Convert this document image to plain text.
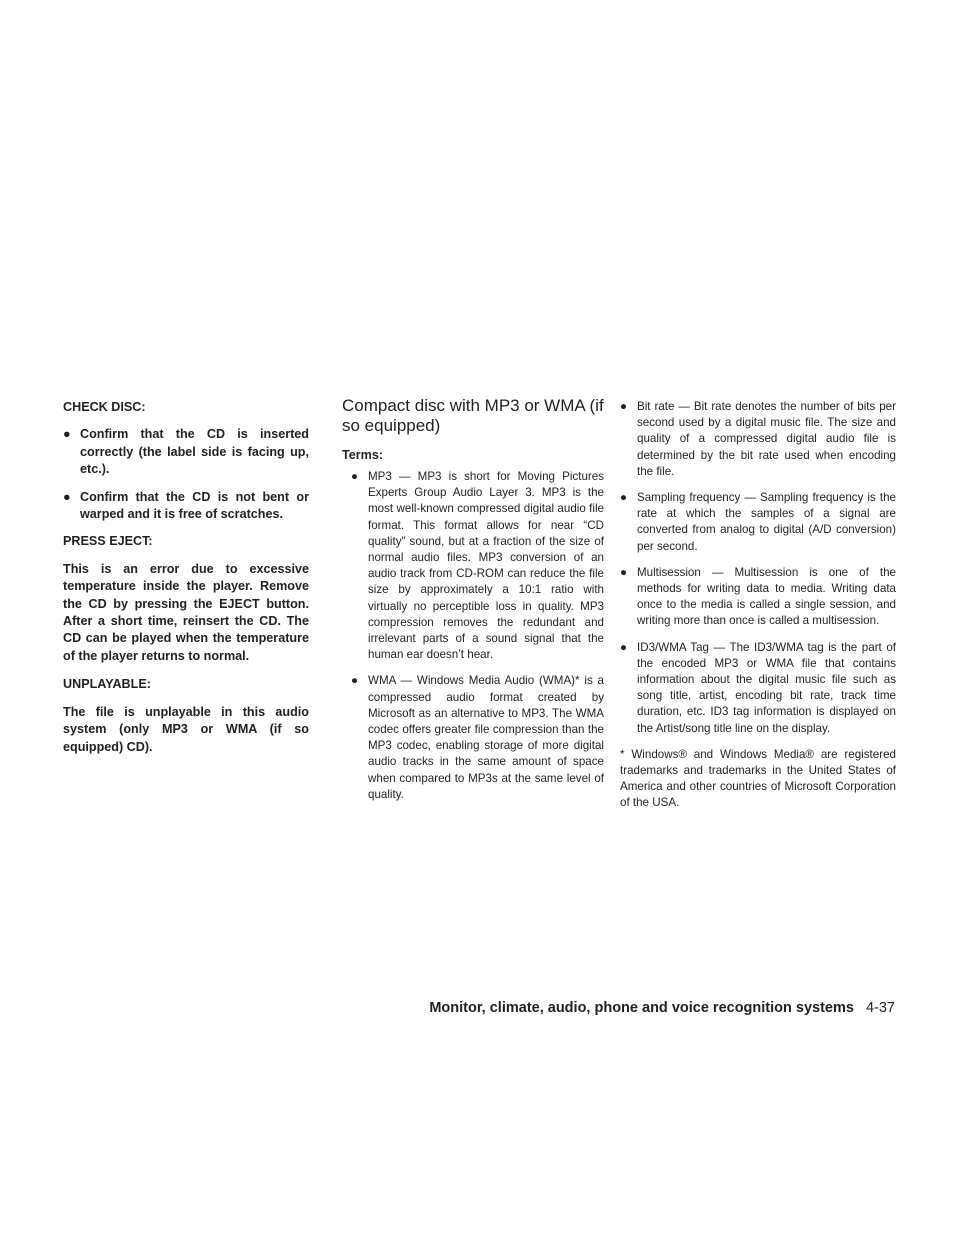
CHECK DISC:
● Confirm that the CD is inserted correctly (the label side is facing up, etc.).
● Confirm that the CD is not bent or warped and it is free of scratches.
PRESS EJECT:
This is an error due to excessive temperature inside the player. Remove the CD by pressing the EJECT button. After a short time, reinsert the CD. The CD can be played when the temperature of the player returns to normal.
UNPLAYABLE:
The file is unplayable in this audio system (only MP3 or WMA (if so equipped) CD).
Compact disc with MP3 or WMA (if so equipped)
Terms:
● MP3 — MP3 is short for Moving Pictures Experts Group Audio Layer 3. MP3 is the most well-known compressed digital audio file format. This format allows for near “CD quality” sound, but at a fraction of the size of normal audio files. MP3 conversion of an audio track from CD-ROM can reduce the file size by approximately a 10:1 ratio with virtually no perceptible loss in quality. MP3 compression removes the redundant and irrelevant parts of a sound signal that the human ear doesn’t hear.
● WMA — Windows Media Audio (WMA)* is a compressed audio format created by Microsoft as an alternative to MP3. The WMA codec offers greater file compression than the MP3 codec, enabling storage of more digital audio tracks in the same amount of space when compared to MP3s at the same level of quality.
● Bit rate — Bit rate denotes the number of bits per second used by a digital music file. The size and quality of a compressed digital audio file is determined by the bit rate used when encoding the file.
● Sampling frequency — Sampling frequency is the rate at which the samples of a signal are converted from analog to digital (A/D conversion) per second.
● Multisession — Multisession is one of the methods for writing data to media. Writing data once to the media is called a single session, and writing more than once is called a multisession.
● ID3/WMA Tag — The ID3/WMA tag is the part of the encoded MP3 or WMA file that contains information about the digital music file such as song title, artist, encoding bit rate, track time duration, etc. ID3 tag information is displayed on the Artist/song title line on the display.

* Windows® and Windows Media® are registered trademarks and trademarks in the United States of America and other countries of Microsoft Corporation of the USA.

Monitor, climate, audio, phone and voice recognition systems 4-37
